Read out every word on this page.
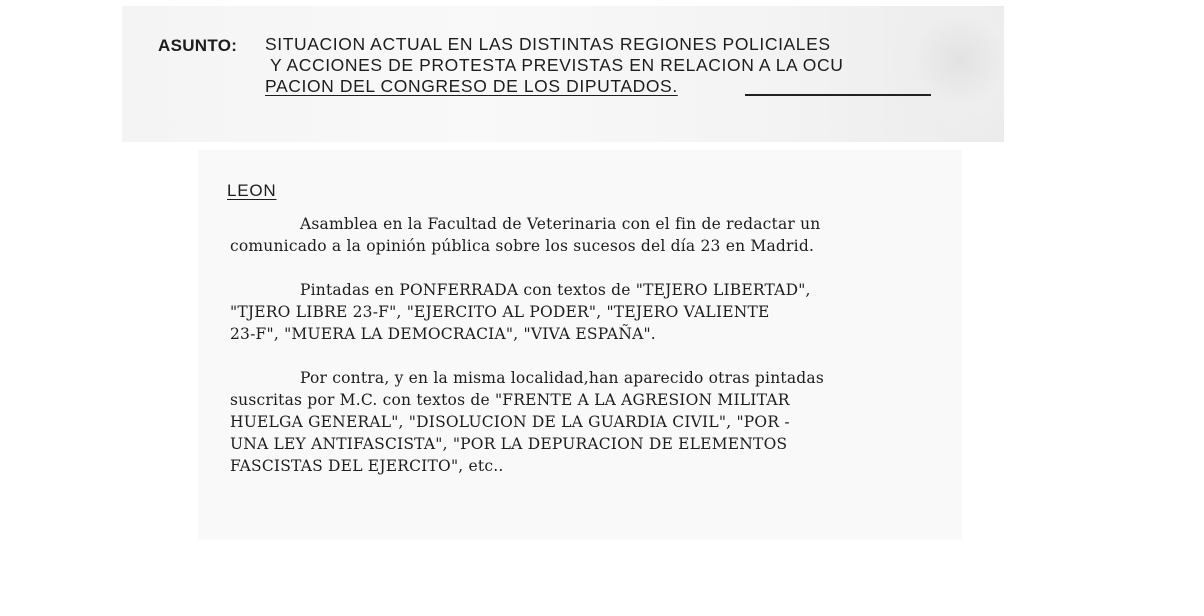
ASUNTO: SITUACION ACTUAL EN LAS DISTINTAS REGIONES POLICIALES
Y ACCIONES DE PROTESTA PREVISTAS EN RELACION A LA OCU
PACION DEL CONGRESO DE LOS DIPUTADOS.
LEON
Asamblea en la Facultad de Veterinaria con el fin de redactar un
comunicado a la opinión pública sobre los sucesos del día 23 en Madrid.
Pintadas en PONFERRADA con textos de "TEJERO LIBERTAD",
"TJERO LIBRE 23-F", "EJERCITO AL PODER", "TEJERO VALIENTE
23-F", "MUERA LA DEMOCRACIA", "VIVA ESPAÑA".
Por contra, y en la misma localidad,han aparecido otras pintadas
suscritas por M.C. con textos de "FRENTE A LA AGRESION MILITAR
HUELGA GENERAL", "DISOLUCION DE LA GUARDIA CIVIL", "POR -
UNA LEY ANTIFASCISTA", "POR LA DEPURACION DE ELEMENTOS
FASCISTAS DEL EJERCITO", etc..
